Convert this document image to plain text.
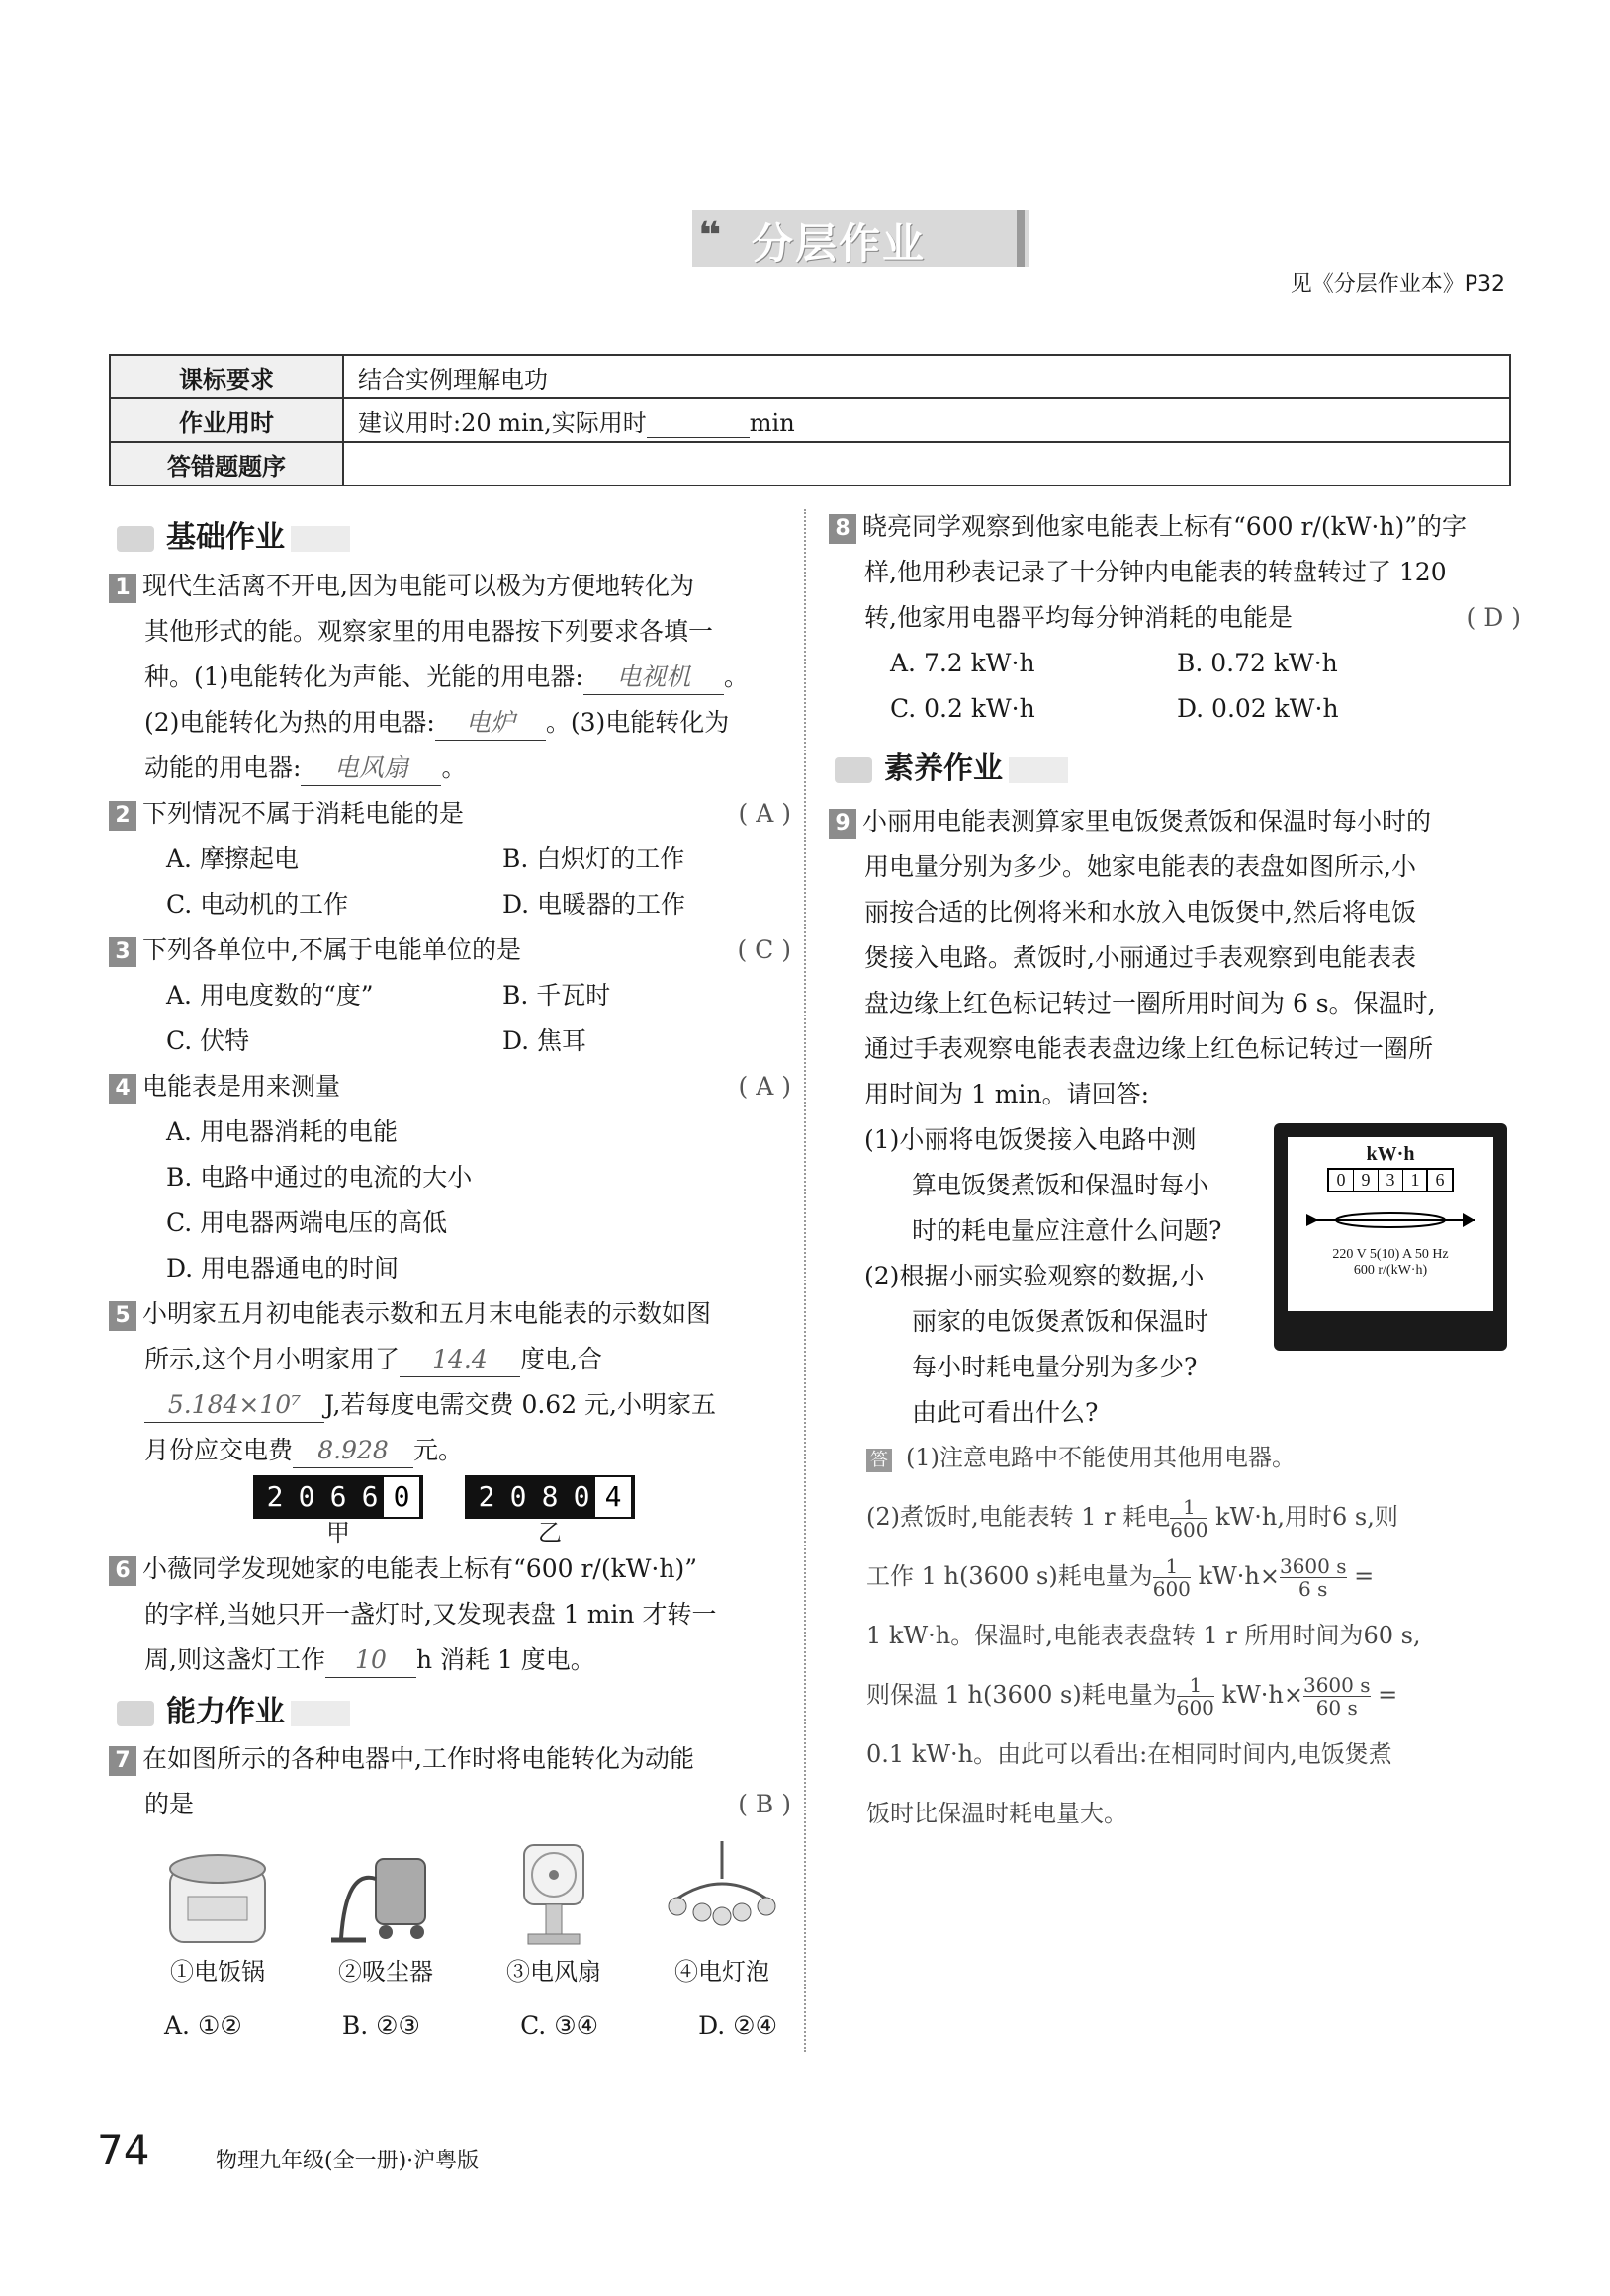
❝ 分层作业
见《分层作业本》P32
课标要求	结合实例理解电功
作业用时	建议用时:20 min,实际用时 min
答错题题序	
基础作业
1 现代生活离不开电,因为电能可以极为方便地转化为
其他形式的能。观察家里的用电器按下列要求各填一
种。(1)电能转化为声能、光能的用电器: 电视机 。
(2)电能转化为热的用电器: 电炉 。(3)电能转化为
动能的用电器: 电风扇 。
2 下列情况不属于消耗电能的是	( A )
A. 摩擦起电	B. 白炽灯的工作
C. 电动机的工作	D. 电暖器的工作
3 下列各单位中,不属于电能单位的是	( C )
A. 用电度数的“度”	B. 千瓦时
C. 伏特	D. 焦耳
4 电能表是用来测量	( A )
A. 用电器消耗的电能
B. 电路中通过的电流的大小
C. 用电器两端电压的高低
D. 用电器通电的时间
5 小明家五月初电能表示数和五月末电能表的示数如图
所示,这个月小明家用了 14.4 度电,合
5.184×10⁷ J,若每度电需交费 0.62 元,小明家五
月份应交电费 8.928 元。
2 0 6 6 0
甲
2 0 8 0 4
乙
6 小薇同学发现她家的电能表上标有“600 r/(kW·h)”
的字样,当她只开一盏灯时,又发现表盘 1 min 才转一
周,则这盏灯工作 10 h 消耗 1 度电。
能力作业
7 在如图所示的各种电器中,工作时将电能转化为动能
的是	( B )
①电饭锅	②吸尘器	③电风扇	④电灯泡
A. ①②	B. ②③	C. ③④	D. ②④
8 晓亮同学观察到他家电能表上标有“600 r/(kW·h)”的字
样,他用秒表记录了十分钟内电能表的转盘转过了 120
转,他家用电器平均每分钟消耗的电能是	( D )
A. 7.2 kW·h	B. 0.72 kW·h
C. 0.2 kW·h	D. 0.02 kW·h
素养作业
9 小丽用电能表测算家里电饭煲煮饭和保温时每小时的
用电量分别为多少。她家电能表的表盘如图所示,小
丽按合适的比例将米和水放入电饭煲中,然后将电饭
煲接入电路。煮饭时,小丽通过手表观察到电能表表
盘边缘上红色标记转过一圈所用时间为 6 s。保温时,
通过手表观察电能表表盘边缘上红色标记转过一圈所
用时间为 1 min。请回答:
(1)小丽将电饭煲接入电路中测
算电饭煲煮饭和保温时每小
时的耗电量应注意什么问题?
(2)根据小丽实验观察的数据,小
丽家的电饭煲煮饭和保温时
每小时耗电量分别为多少?
由此可看出什么?
kW·h
0 9 3 1 6

220 V 5(10) A 50 Hz
600 r/(kW·h)
答 (1)注意电路中不能使用其他用电器。
(2)煮饭时,电能表转 1 r 耗电 $\frac{1}{600} kW\cdot h$,用时6 s,则
工作 1 h(3600 s)耗电量为 $\frac{1}{600} kW\cdot h\times \frac{3600 s}{6 s}$ =
1 kW·h。保温时,电能表表盘转 1 r 所用时间为60 s,
则保温 1 h(3600 s)耗电量为 $\frac{1}{600} kW\cdot h\times \frac{3600 s}{60 s}$ =
0.1 kW·h。由此可以看出:在相同时间内,电饭煲煮
饭时比保温时耗电量大。
74	物理九年级(全一册)·沪粤版
